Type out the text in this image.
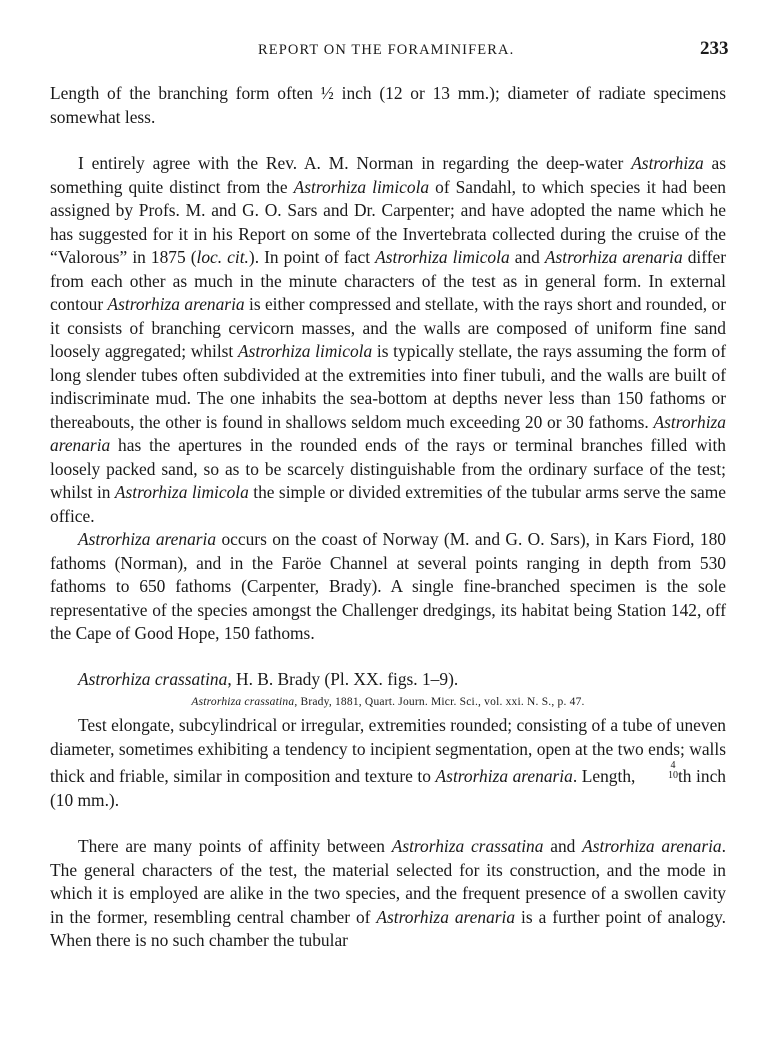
REPORT ON THE FORAMINIFERA.	233

Length of the branching form often ½ inch (12 or 13 mm.); diameter of radiate specimens somewhat less.

I entirely agree with the Rev. A. M. Norman in regarding the deep-water Astrorhiza as something quite distinct from the Astrorhiza limicola of Sandahl, to which species it had been assigned by Profs. M. and G. O. Sars and Dr. Carpenter; and have adopted the name which he has suggested for it in his Report on some of the Invertebrata collected during the cruise of the “Valorous” in 1875 (loc. cit.). In point of fact Astrorhiza limicola and Astrorhiza arenaria differ from each other as much in the minute characters of the test as in general form. In external contour Astrorhiza arenaria is either compressed and stellate, with the rays short and rounded, or it consists of branching cervicorn masses, and the walls are composed of uniform fine sand loosely aggregated; whilst Astrorhiza limicola is typically stellate, the rays assuming the form of long slender tubes often subdivided at the extremities into finer tubuli, and the walls are built of indiscriminate mud. The one inhabits the sea-bottom at depths never less than 150 fathoms or thereabouts, the other is found in shallows seldom much exceeding 20 or 30 fathoms. Astrorhiza arenaria has the apertures in the rounded ends of the rays or terminal branches filled with loosely packed sand, so as to be scarcely distinguishable from the ordinary surface of the test; whilst in Astrorhiza limicola the simple or divided extremities of the tubular arms serve the same office.

Astrorhiza arenaria occurs on the coast of Norway (M. and G. O. Sars), in Kars Fiord, 180 fathoms (Norman), and in the Faröe Channel at several points ranging in depth from 530 fathoms to 650 fathoms (Carpenter, Brady). A single fine-branched specimen is the sole representative of the species amongst the Challenger dredgings, its habitat being Station 142, off the Cape of Good Hope, 150 fathoms.

Astrorhiza crassatina, H. B. Brady (Pl. XX. figs. 1–9).

Astrorhiza crassatina, Brady, 1881, Quart. Journ. Micr. Sci., vol. xxi. N. S., p. 47.

Test elongate, subcylindrical or irregular, extremities rounded; consisting of a tube of uneven diameter, sometimes exhibiting a tendency to incipient segmentation, open at the two ends; walls thick and friable, similar in composition and texture to Astrorhiza arenaria. Length,
4
10 th inch (10 mm.).

There are many points of affinity between Astrorhiza crassatina and Astrorhiza arenaria. The general characters of the test, the material selected for its construction, and the mode in which it is employed are alike in the two species, and the frequent presence of a swollen cavity in the former, resembling central chamber of Astrorhiza arenaria is a further point of analogy. When there is no such chamber the tubular
